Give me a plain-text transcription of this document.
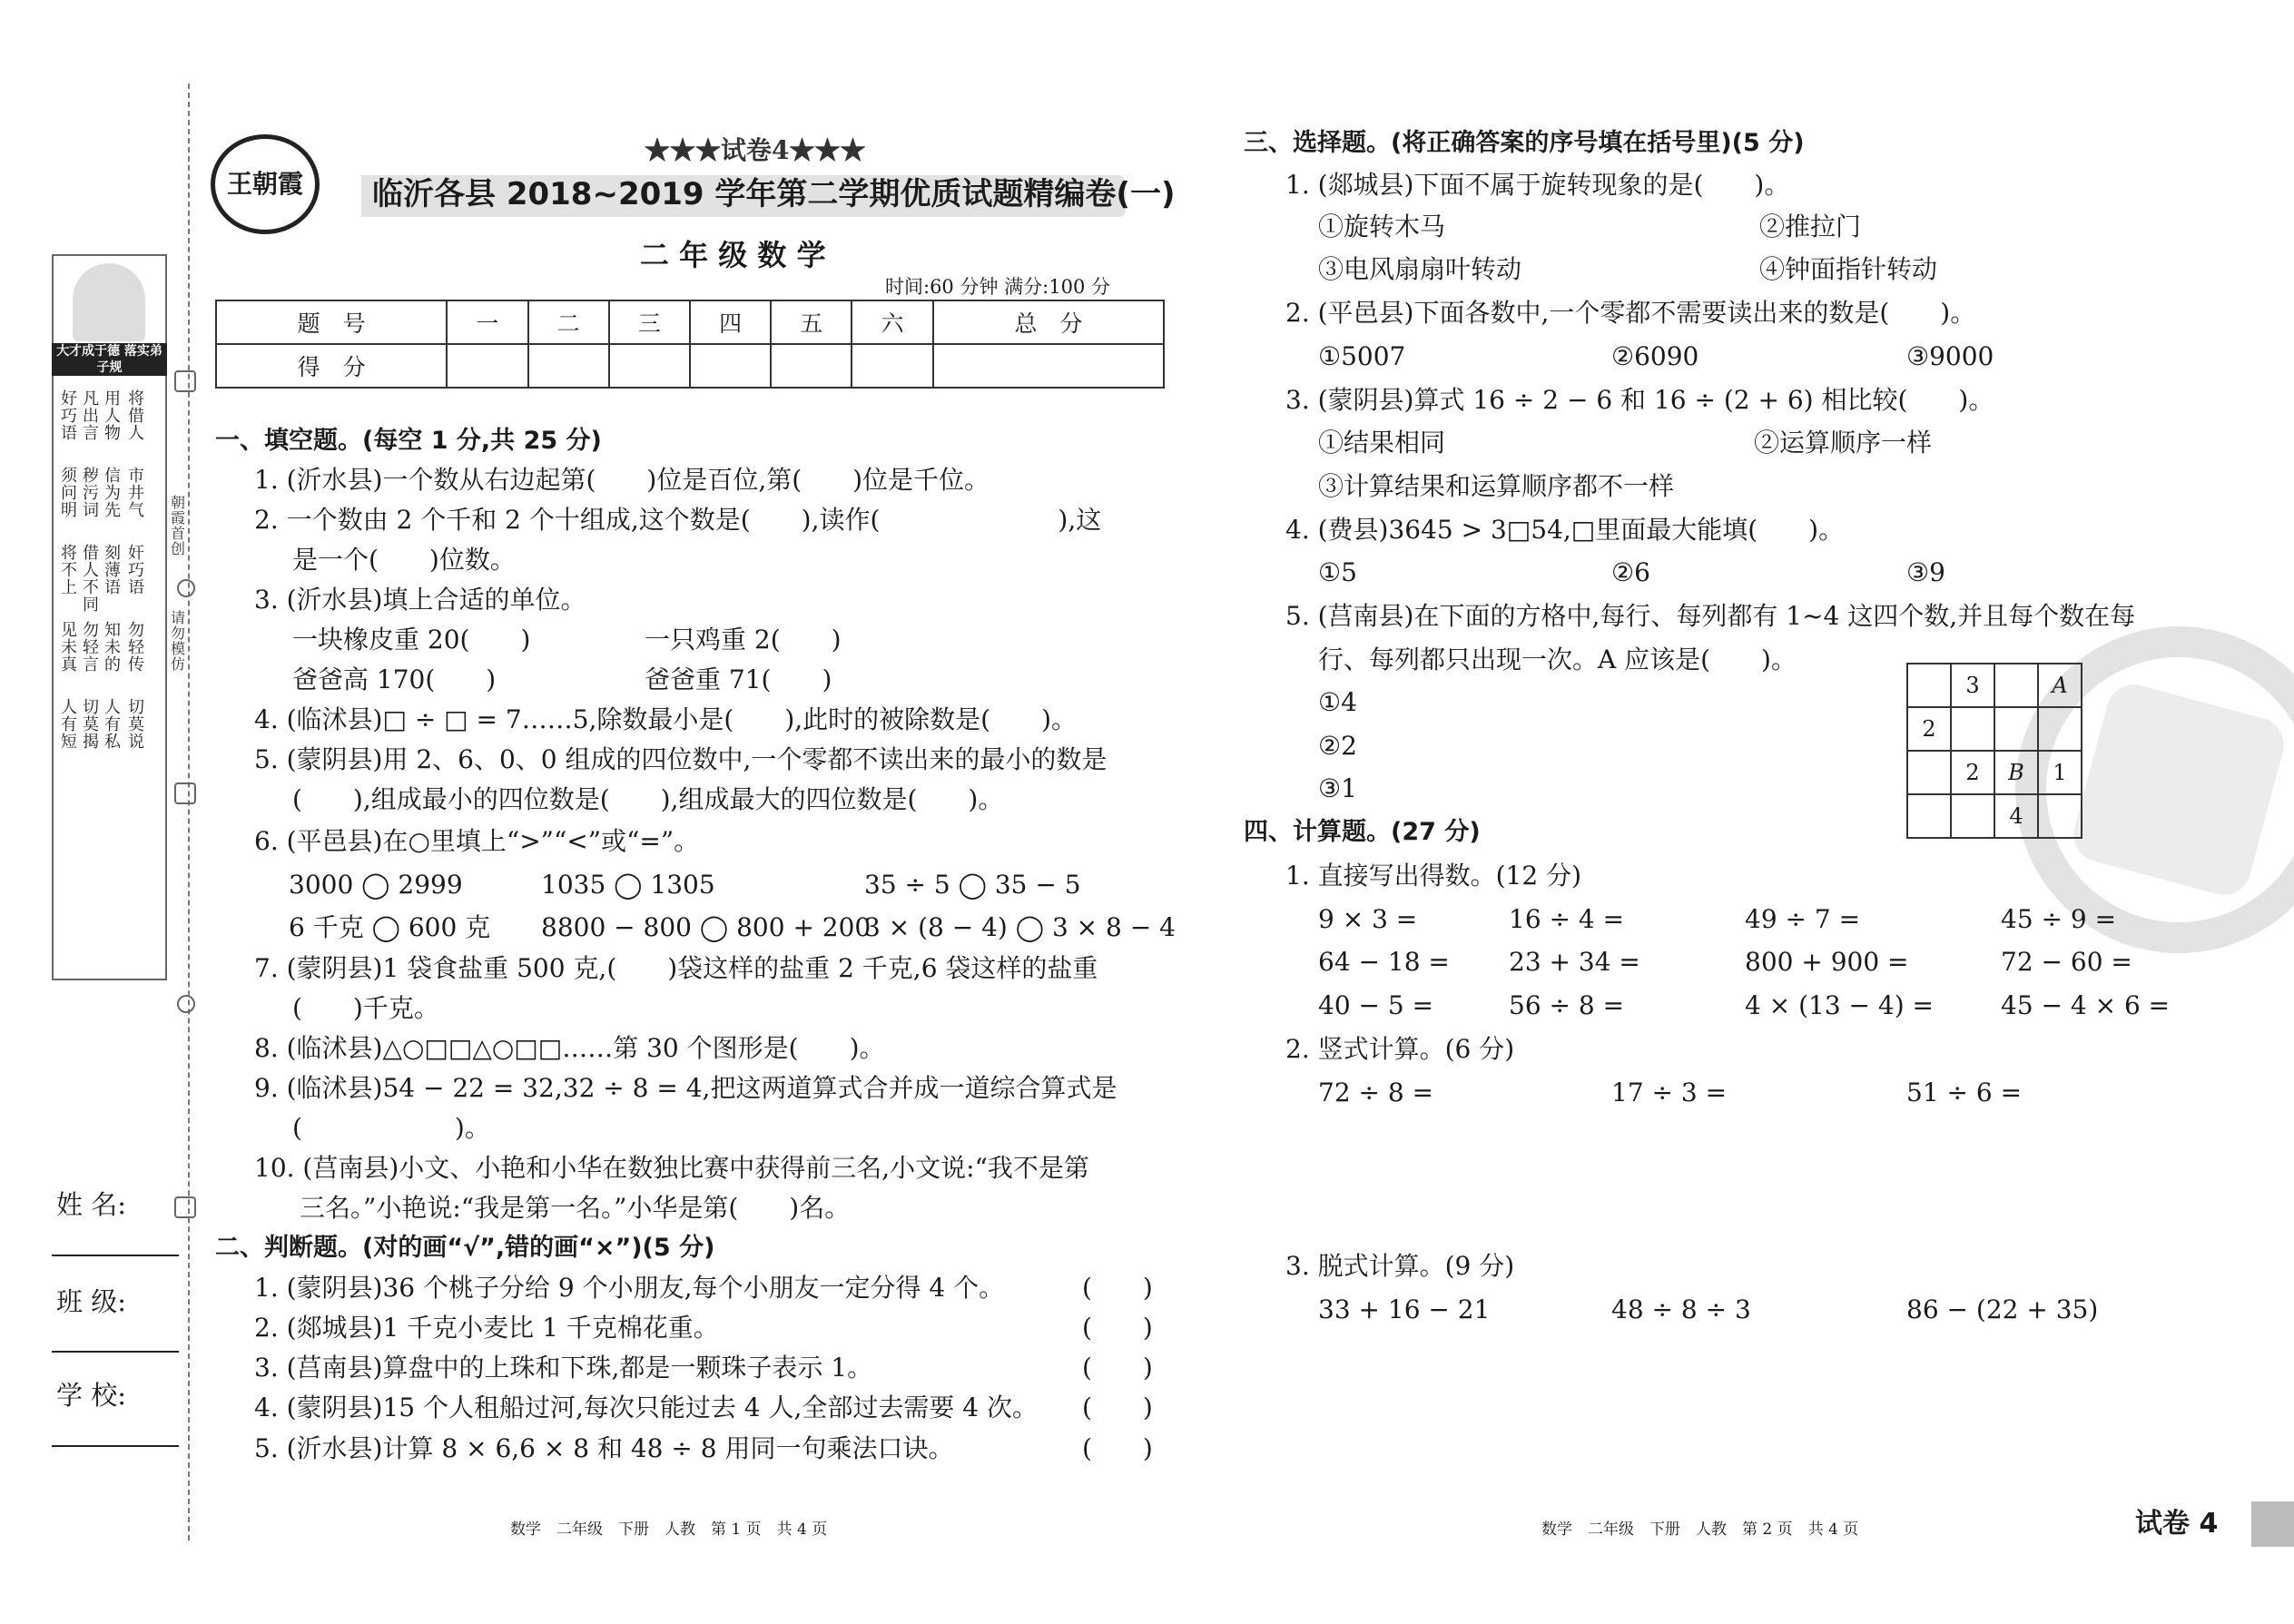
大才成于德 落实弟子规
好巧语
凡出言
用人物
将借人
须问明
秽污词
信为先
市井气
将不上
借人不同
刻薄语
奸巧语
见未真
勿轻言
知未的
勿轻传
人有短
切莫揭
人有私
切莫说
朝霞首创
请勿模仿
姓 名:
班 级:
学 校:
王朝霞
★★★试卷4★★★
临沂各县 2018~2019 学年第二学期优质试题精编卷(一)
二 年 级 数 学
时间:60 分钟 满分:100 分
题　号	一	二	三	四	五	六	总　分
得　分							
一、填空题。(每空 1 分,共 25 分)
1. (沂水县)一个数从右边起第(　　)位是百位,第(　　)位是千位。
2. 一个数由 2 个千和 2 个十组成,这个数是(　　),读作(　　　　　　　),这
是一个(　　)位数。
3. (沂水县)填上合适的单位。
一块橡皮重 20(　　)	一只鸡重 2(　　)
爸爸高 170(　　)	爸爸重 71(　　)
4. (临沭县)□ ÷ □ = 7……5,除数最小是(　　),此时的被除数是(　　)。
5. (蒙阴县)用 2、6、0、0 组成的四位数中,一个零都不读出来的最小的数是
(　　),组成最小的四位数是(　　),组成最大的四位数是(　　)。
6. (平邑县)在○里填上“>”“<”或“=”。
3000 ◯ 2999	1035 ◯ 1305	35 ÷ 5 ◯ 35 − 5
6 千克 ◯ 600 克 8800 − 800 ◯ 800 + 200
3 × (8 − 4) ◯ 3 × 8 − 4
7. (蒙阴县)1 袋食盐重 500 克,(　　)袋这样的盐重 2 千克,6 袋这样的盐重
(　　)千克。
8. (临沭县)△○□□△○□□……第 30 个图形是(　　)。
9. (临沭县)54 − 22 = 32,32 ÷ 8 = 4,把这两道算式合并成一道综合算式是
(　　　　　　)。
10. (莒南县)小文、小艳和小华在数独比赛中获得前三名,小文说:“我不是第
三名。”小艳说:“我是第一名。”小华是第(　　)名。
二、判断题。(对的画“√”,错的画“×”)(5 分)
1. (蒙阴县)36 个桃子分给 9 个小朋友,每个小朋友一定分得 4 个。
2. (郯城县)1 千克小麦比 1 千克棉花重。
3. (莒南县)算盘中的上珠和下珠,都是一颗珠子表示 1。
4. (蒙阴县)15 个人租船过河,每次只能过去 4 人,全部过去需要 4 次。
5. (沂水县)计算 8 × 6,6 × 8 和 48 ÷ 8 用同一句乘法口诀。
(　　)
(　　)
(　　)
(　　)
(　　)
数学　二年级　下册　人教　第 1 页　共 4 页
三、选择题。(将正确答案的序号填在括号里)(5 分)
1. (郯城县)下面不属于旋转现象的是(　　)。
①旋转木马	②推拉门
③电风扇扇叶转动	④钟面指针转动
2. (平邑县)下面各数中,一个零都不需要读出来的数是(　　)。
①5007	②6090	③9000
3. (蒙阴县)算式 16 ÷ 2 − 6 和 16 ÷ (2 + 6) 相比较(　　)。
①结果相同	②运算顺序一样
③计算结果和运算顺序都不一样
4. (费县)3645 > 3□54,□里面最大能填(　　)。
①5	②6	③9
5. (莒南县)在下面的方格中,每行、每列都有 1~4 这四个数,并且每个数在每
行、每列都只出现一次。A 应该是(　　)。
①4
②2
③1
	3		A
2			
	2	B	1
		4	
四、计算题。(27 分)
1. 直接写出得数。(12 分)
9 × 3 =	16 ÷ 4 =	49 ÷ 7 =	45 ÷ 9 =
64 − 18 = 23 + 34 =	800 + 900 =	72 − 60 =
40 − 5 =	56 ÷ 8 =	4 × (13 − 4) =	45 − 4 × 6 =
2. 竖式计算。(6 分)
72 ÷ 8 =	17 ÷ 3 =	51 ÷ 6 =
3. 脱式计算。(9 分)
33 + 16 − 21	48 ÷ 8 ÷ 3	86 − (22 + 35)
数学　二年级　下册　人教　第 2 页　共 4 页	试卷 4
